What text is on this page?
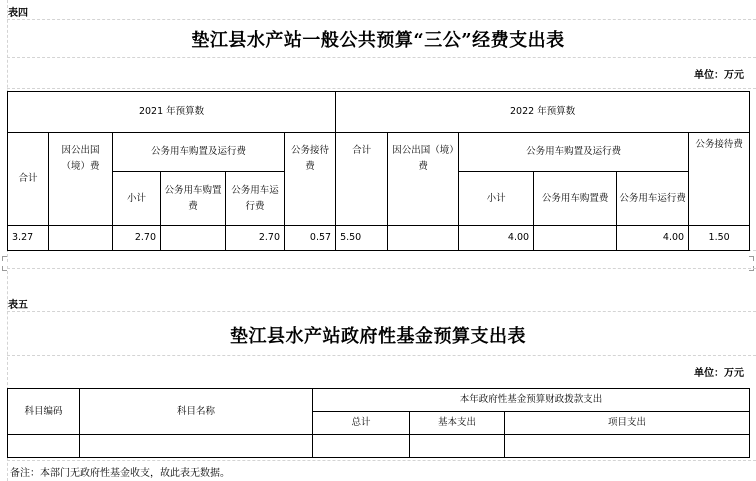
表四
垫江县水产站一般公共预算“三公”经费支出表
单位：万元
2021 年预算数						2022 年预算数					
合计	因公出国（境）费	公务用车购置及运行费			公务接待费	合计	因公出国（境）费	公务用车购置及运行费			公务接待费
		小计	公务用车购置费	公务用车运行费				小计	公务用车购置费	公务用车运行费	
3.27		2.70		2.70	0.57	5.50		4.00		4.00	1.50
表五
垫江县水产站政府性基金预算支出表
单位：万元
科目编码	科目名称	本年政府性基金预算财政拨款支出		
		总计	基本支出	项目支出

备注：本部门无政府性基金收支，故此表无数据。
